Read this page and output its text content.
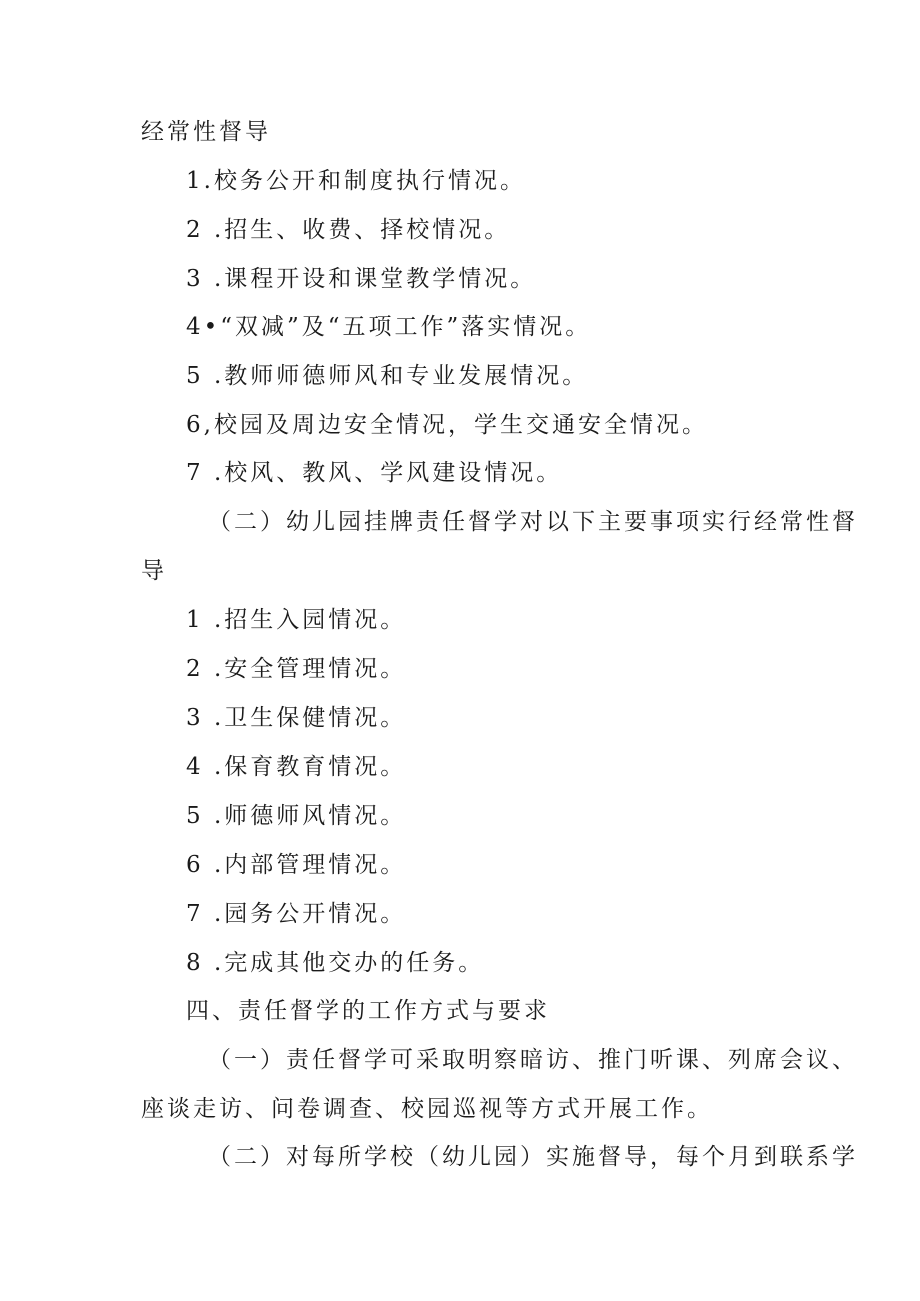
经常性督导
1.校务公开和制度执行情况。
2 .招生、收费、择校情况。
3 .课程开设和课堂教学情况。
4•“双减”及“五项工作”落实情况。
5 .教师师德师风和专业发展情况。
6,校园及周边安全情况，学生交通安全情况。
7 .校风、教风、学风建设情况。
（二）幼儿园挂牌责任督学对以下主要事项实行经常性督
导
1 .招生入园情况。
2 .安全管理情况。
3 .卫生保健情况。
4 .保育教育情况。
5 .师德师风情况。
6 .内部管理情况。
7 .园务公开情况。
8 .完成其他交办的任务。
四、责任督学的工作方式与要求
（一）责任督学可采取明察暗访、推门听课、列席会议、
座谈走访、问卷调查、校园巡视等方式开展工作。
（二）对每所学校（幼儿园）实施督导，每个月到联系学
